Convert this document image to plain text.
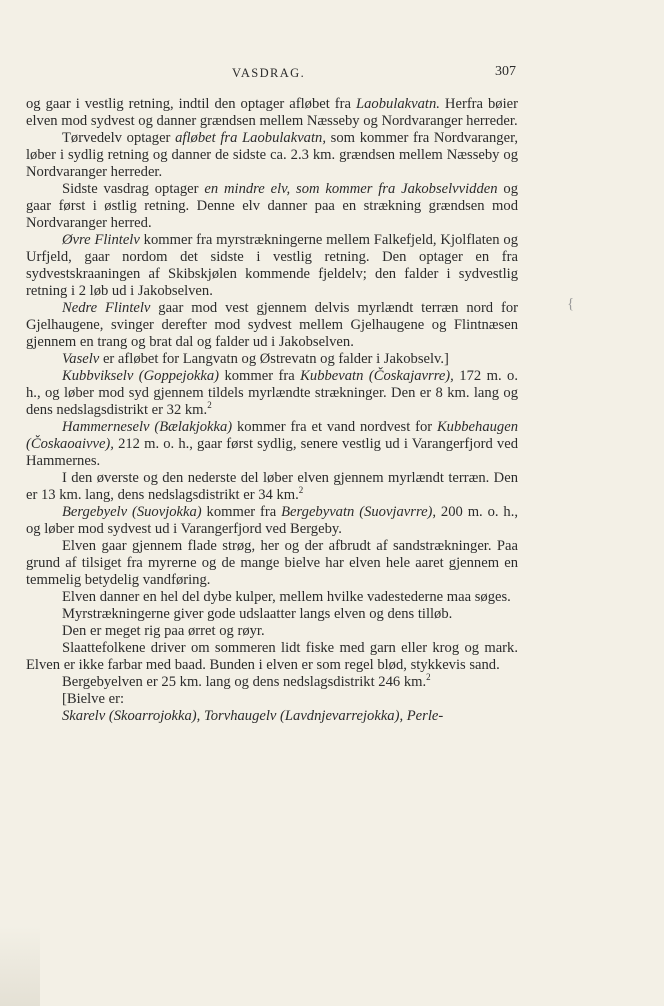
VASDRAG.	307

og gaar i vestlig retning, indtil den optager afløbet fra Laobulakvatn. Herfra bøier elven mod sydvest og danner grændsen mellem Næsseby og Nordvaranger herreder.

Tørvedelv optager afløbet fra Laobulakvatn, som kommer fra Nordvaranger, løber i sydlig retning og danner de sidste ca. 2.3 km. grændsen mellem Næsseby og Nordvaranger herreder.

Sidste vasdrag optager en mindre elv, som kommer fra Jakobselvvidden og gaar først i østlig retning. Denne elv danner paa en strækning grændsen mod Nordvaranger herred.

Øvre Flintelv kommer fra myrstrækningerne mellem Falkefjeld, Kjolflaten og Urfjeld, gaar nordom det sidste i vestlig retning. Den optager en fra sydvestskraaningen af Skibskjølen kommende fjeldelv; den falder i sydvestlig retning i 2 løb ud i Jakobselven.

Nedre Flintelv gaar mod vest gjennem delvis myrlændt terræn nord for Gjelhaugene, svinger derefter mod sydvest mellem Gjelhaugene og Flintnæsen gjennem en trang og brat dal og falder ud i Jakobselven.

Vaselv er afløbet for Langvatn og Østrevatn og falder i Jakobselv.]

Kubbvikselv (Goppejokka) kommer fra Kubbevatn (Čoskajavrre), 172 m. o. h., og løber mod syd gjennem tildels myrlændte strækninger. Den er 8 km. lang og dens nedslagsdistrikt er 32 km.$^2$

Hammerneselv (Bælakjokka) kommer fra et vand nordvest for Kubbehaugen (Čoskaoaivve), 212 m. o. h., gaar først sydlig, senere vestlig ud i Varangerfjord ved Hammernes.

I den øverste og den nederste del løber elven gjennem myrlændt terræn. Den er 13 km. lang, dens nedslagsdistrikt er 34 km.$^2$

Bergebyelv (Suovjokka) kommer fra Bergebyvatn (Suovjavrre), 200 m. o. h., og løber mod sydvest ud i Varangerfjord ved Bergeby.

Elven gaar gjennem flade strøg, her og der afbrudt af sandstrækninger. Paa grund af tilsiget fra myrerne og de mange bielve har elven hele aaret gjennem en temmelig betydelig vandføring.

Elven danner en hel del dybe kulper, mellem hvilke vadestederne maa søges.

Myrstrækningerne giver gode udslaatter langs elven og dens tilløb.

Den er meget rig paa ørret og røyr.

Slaattefolkene driver om sommeren lidt fiske med garn eller krog og mark. Elven er ikke farbar med baad. Bunden i elven er som regel blød, stykkevis sand.

Bergebyelven er 25 km. lang og dens nedslagsdistrikt 246 km.$^2$

[Bielve er:

Skarelv (Skoarrojokka), Torvhaugelv (Lavdnjevarrejokka), Perle-

{
